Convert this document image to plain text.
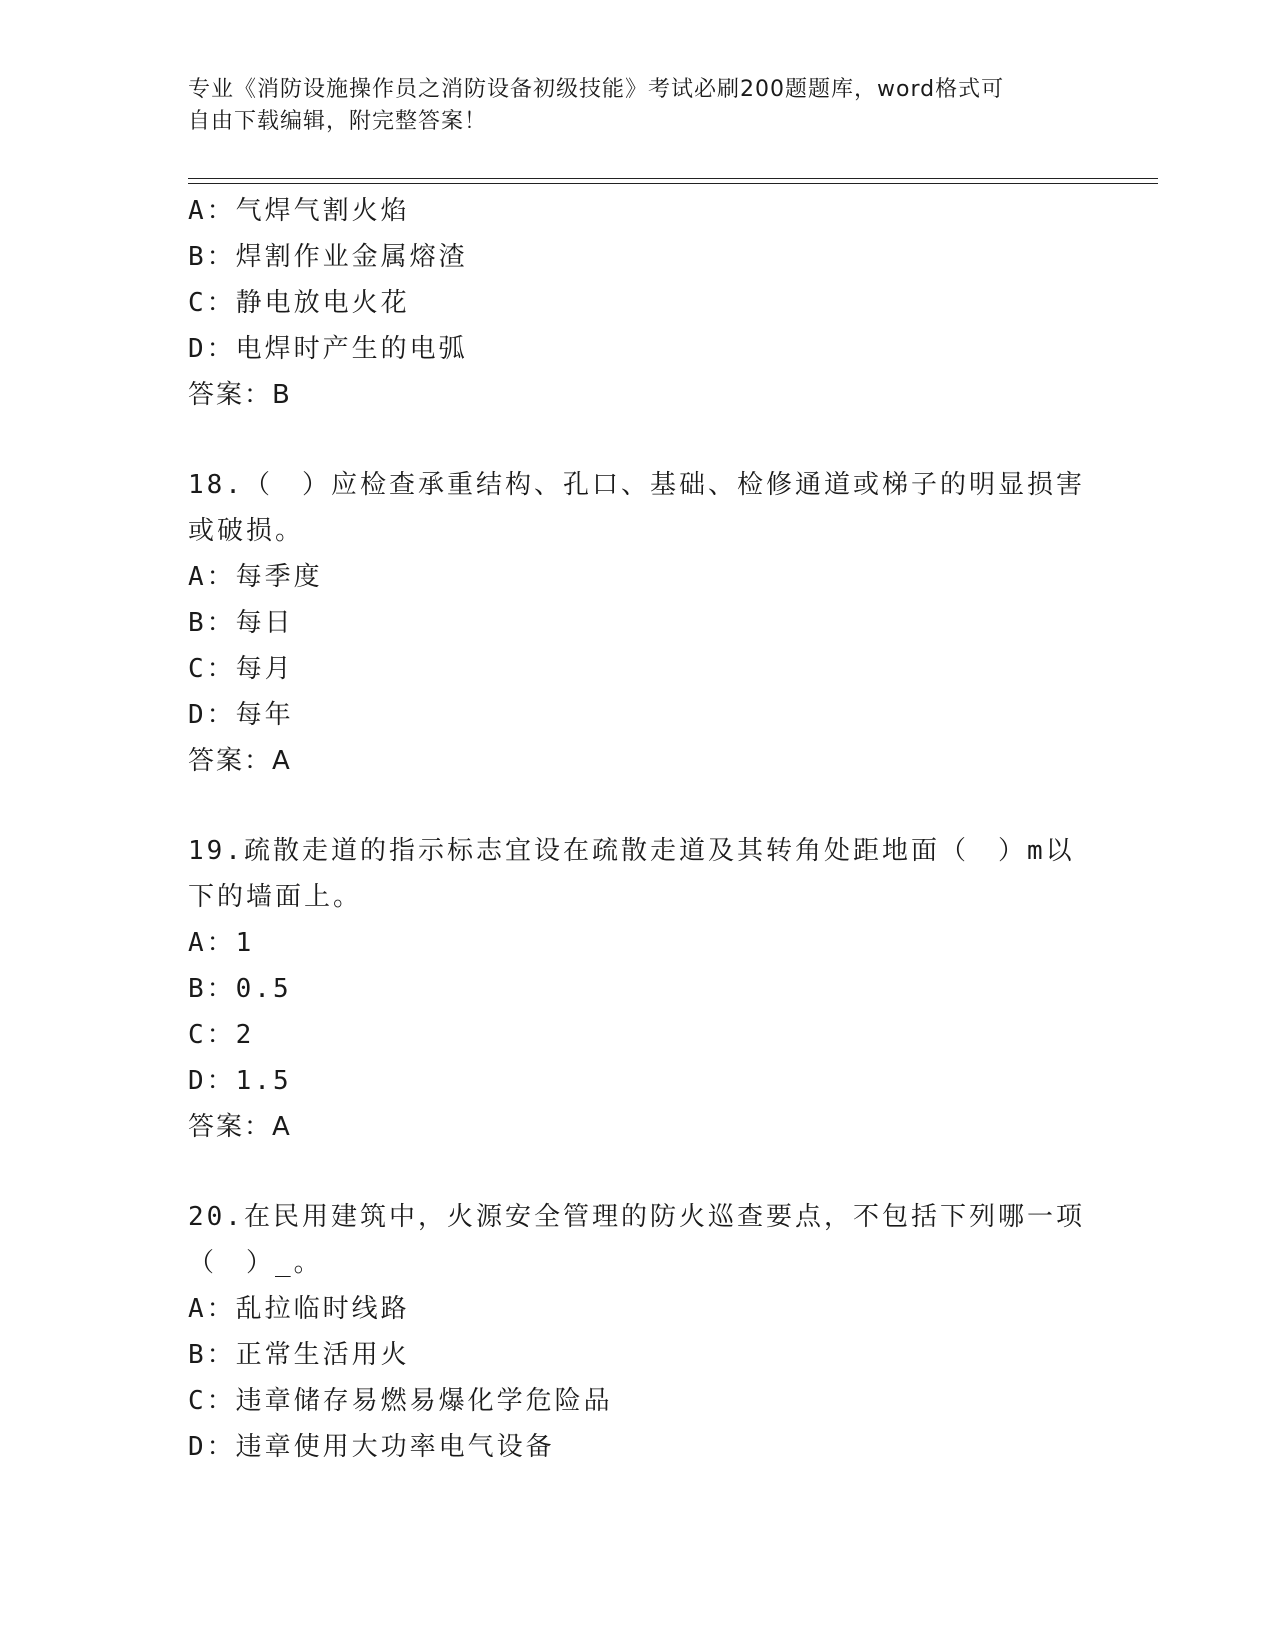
专业《消防设施操作员之消防设备初级技能》考试必刷200题题库，word格式可
自由下载编辑，附完整答案！
A：气焊气割火焰
B：焊割作业金属熔渣
C：静电放电火花
D：电焊时产生的电弧
答案：B
18.（　）应检查承重结构、孔口、基础、检修通道或梯子的明显损害
或破损。
A：每季度
B：每日
C：每月
D：每年
答案：A
19.疏散走道的指示标志宜设在疏散走道及其转角处距地面（　）m以
下的墙面上。
A：1
B：0.5
C：2
D：1.5
答案：A
20.在民用建筑中，火源安全管理的防火巡查要点，不包括下列哪一项
（　）_。
A：乱拉临时线路
B：正常生活用火
C：违章储存易燃易爆化学危险品
D：违章使用大功率电气设备
